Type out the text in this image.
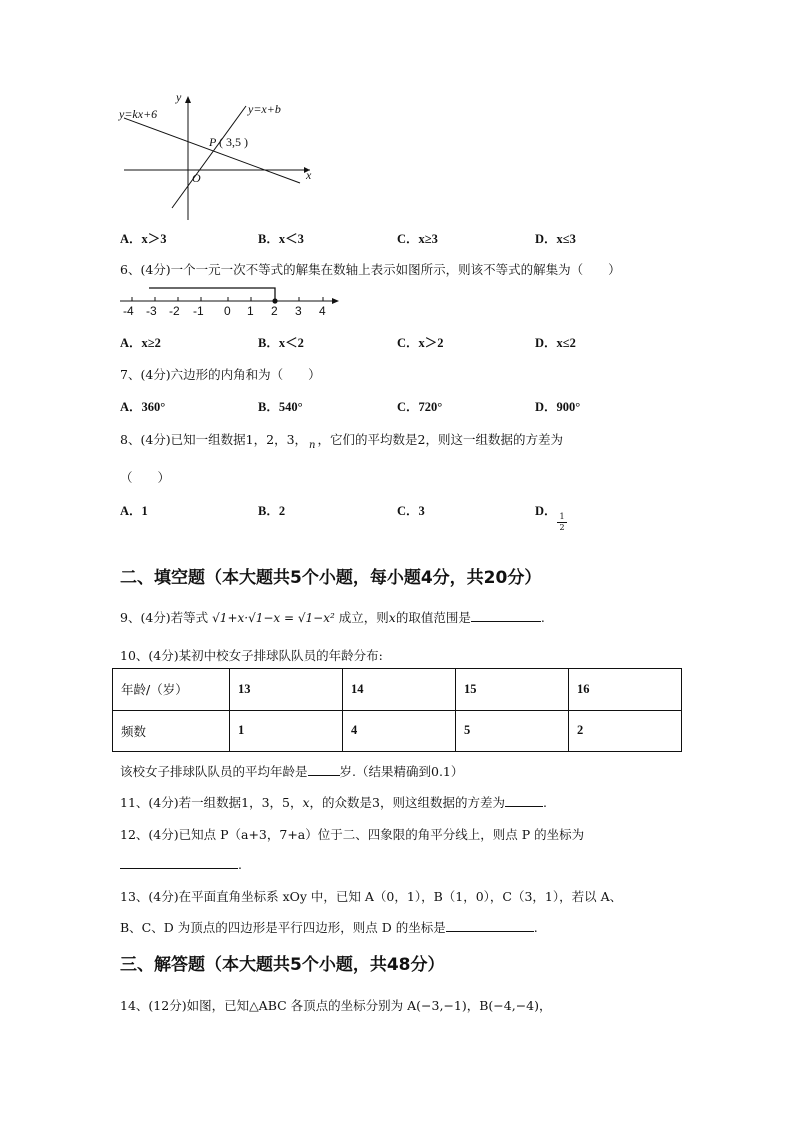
y
x
O
y=kx+6	y=x+b
P ( 3,5 )
A．x＞3	B．x＜3	C．x≥3	D．x≤3
6、(4分)一个一元一次不等式的解集在数轴上表示如图所示，则该不等式的解集为（　　）
-4 -3 -2 -1 0 1 2 3 4
A．x≥2	B．x＜2	C．x＞2	D．x≤2
7、(4分)六边形的内角和为（　　）
A．360°	B．540°	C．720°	D．900°
8、(4分)已知一组数据1，2，3， $_n$ ，它们的平均数是2，则这一组数据的方差为
（　　）
A．1	B．2	C．3	D．
$\frac{1}{2}$
二、填空题（本大题共5个小题，每小题4分，共20分）
9、(4分)若等式 √1+x·√1−x = √1−x² 成立，则x的取值范围是	.
10、(4分)某初中校女子排球队队员的年龄分布:
年龄/（岁）	13	14	15	16
频数	1	4	5	2
该校女子排球队队员的平均年龄是	岁.（结果精确到0.1）
11、(4分)若一组数据1，3，5，x，的众数是3，则这组数据的方差为	.
12、(4分)已知点 P（a+3，7+a）位于二、四象限的角平分线上，则点 P 的坐标为
.
13、(4分)在平面直角坐标系 xOy 中，已知 A（0，1），B（1，0），C（3，1），若以 A、
B、C、D 为顶点的四边形是平行四边形，则点 D 的坐标是	.
三、解答题（本大题共5个小题，共48分）
14、(12分)如图，已知△ABC 各顶点的坐标分别为 A(−3,−1)，B(−4,−4)，
